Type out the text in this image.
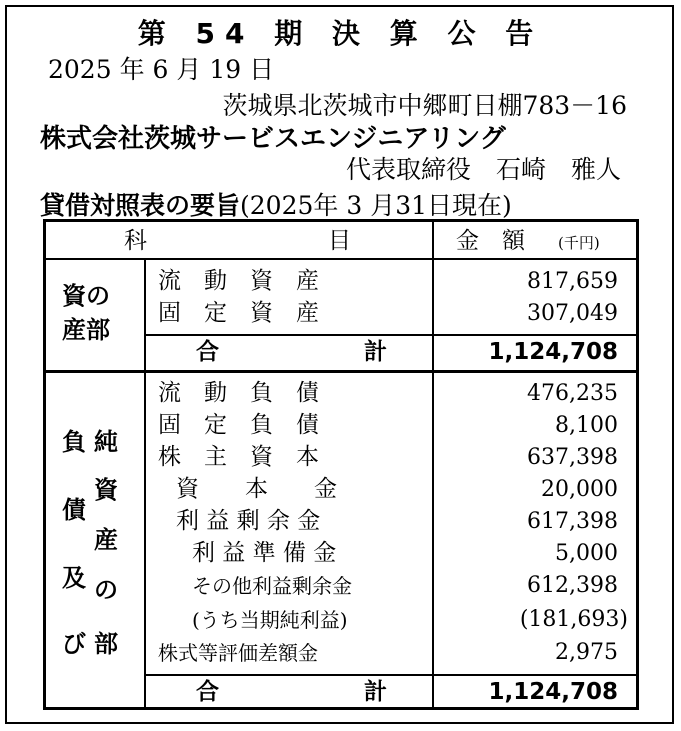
第 54 期 決 算 公 告
2025 年 6 月 19 日
茨城県北茨城市中郷町日棚783－16
株式会社茨城サービスエンジニアリング
代表取締役　石崎　雅人
貸借対照表の要旨(2025年 3 月31日現在)
科	目	金　額 (千円)
資の
産部
流　動　資　産	817,659
固　定　資　産	307,049
合	計	1,124,708
負
債
及
び
純
資
産
の
部
流　動　負　債	476,235
固　定　負　債	8,100
株　主　資　本	637,398
資　　本　　金	20,000
利 益 剰 余 金	617,398
利 益 準 備 金	5,000
その他利益剰余金	612,398
(うち当期純利益)	(181,693)
株式等評価差額金	2,975
合	計	1,124,708
